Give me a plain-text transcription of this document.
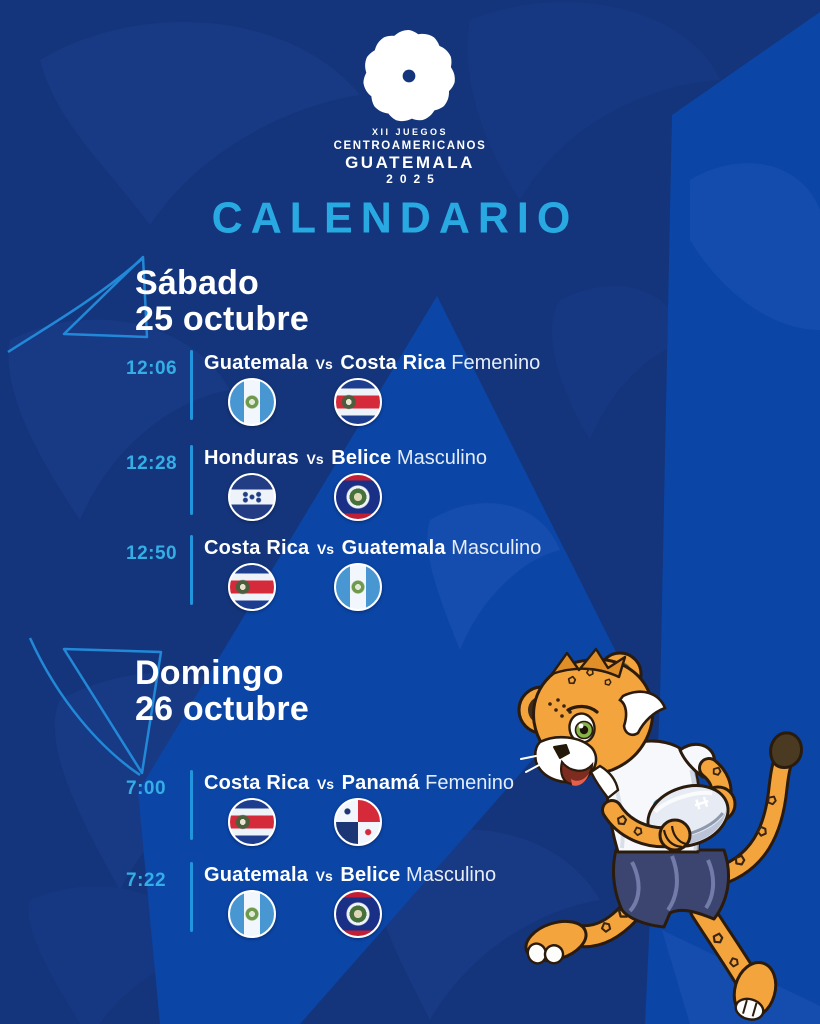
XII JUEGOS
CENTROAMERICANOS
GUATEMALA
2025
CALENDARIO
Sábado
25 octubre
12:06	Guatemala Vs Costa Rica Femenino
12:28	Honduras Vs Belice Masculino
12:50	Costa Rica Vs Guatemala Masculino
Domingo
26 octubre
7:00	Costa Rica Vs Panamá Femenino
7:22	Guatemala Vs Belice Masculino
